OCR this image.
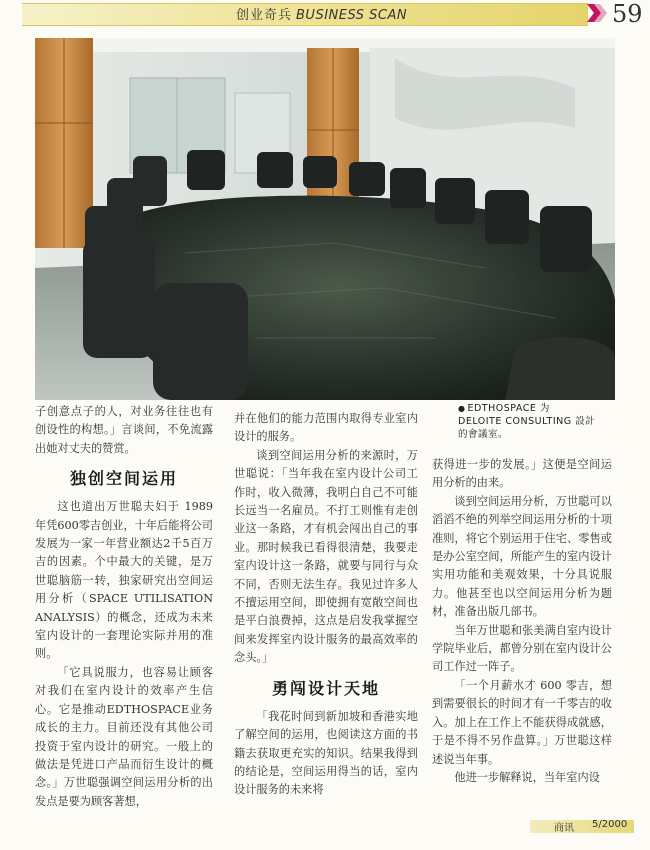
创业奇兵 BUSINESS SCAN	59
● EDTHOSPACE 为
DELOITE CONSULTING 設計
的會議室。

子创意点子的人，对业务往往也有创设性的构想。」言谈间，不免流露出她对丈夫的赞赏。

独创空间运用

这也道出万世聪夫妇于 1989 年凭600零吉创业，十年后能将公司发展为一家一年营业额达2千5百万吉的因素。个中最大的关键，是万世聪脑筋一转，独家研究出空间运用分析（SPACE UTILISATION ANALYSIS）的概念，还成为未来室内设计的一套理论实际并用的准则。

「它具说服力，也容易让顾客对我们在室内设计的效率产生信心。它是推动EDTHOSPACE业务成长的主力。目前还没有其他公司投资于室内设计的研究。一般上的做法是凭进口产品而衍生设计的概念。」万世聪强调空间运用分析的出发点是要为顾客著想，

并在他们的能力范围内取得专业室内设计的服务。

谈到空间运用分析的来源时，万世聪说：「当年我在室内设计公司工作时，收入微薄，我明白自己不可能长远当一名雇员。不打工则惟有走创业这一条路，才有机会闯出自己的事业。那时候我已看得很清楚，我要走室内设计这一条路，就要与同行与众不同，否则无法生存。我见过许多人不擅运用空间，即使拥有宽敞空间也是平白浪费掉，这点是启发我掌握空间来发挥室内设计服务的最高效率的念头。」

勇闯设计天地

「我花时间到新加坡和香港实地了解空间的运用，也阅读这方面的书籍去获取更充实的知识。结果我得到的结论是，空间运用得当的话，室内设计服务的未来将

获得进一步的发展。」这便是空间运用分析的由来。

谈到空间运用分析，万世聪可以滔滔不绝的列举空间运用分析的十项准则，将它个别运用于住宅、零售或是办公室空间，所能产生的室内设计实用功能和美观效果，十分具说服力。他甚至也以空间运用分析为题材，准备出版几部书。

当年万世聪和张美满自室内设计学院毕业后，都曾分别在室内设计公司工作过一阵子。

「一个月薪水才 600 零吉，想到需要很长的时间才有一千零吉的收入。加上在工作上不能获得成就感，于是不得不另作盘算。」万世聪这样述说当年事。

他进一步解释说，当年室内设

商讯 5/2000
